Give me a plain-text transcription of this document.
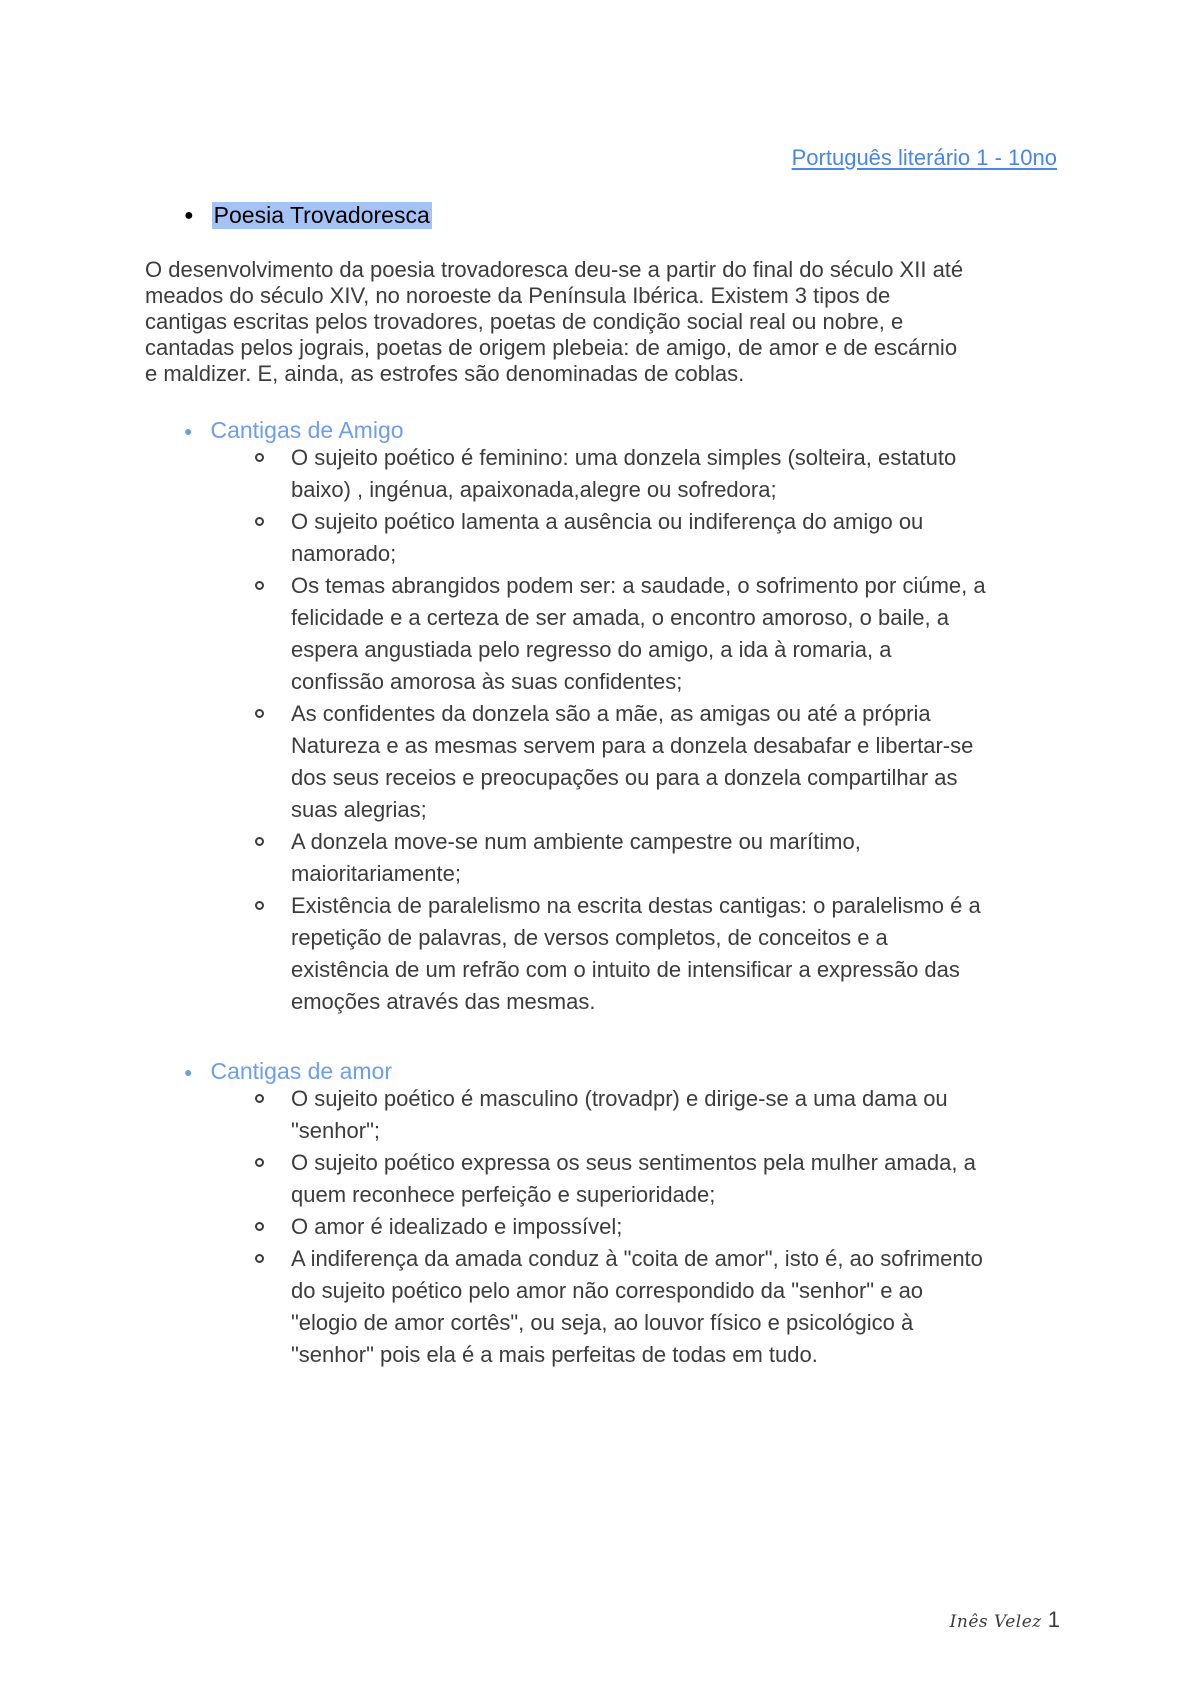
Português literário 1 - 10no
● Poesia Trovadoresca

O desenvolvimento da poesia trovadoresca deu-se a partir do final do século XII até

meados do século XIV, no noroeste da Península Ibérica. Existem 3 tipos de

cantigas escritas pelos trovadores, poetas de condição social real ou nobre, e

cantadas pelos jograis, poetas de origem plebeia: de amigo, de amor e de escárnio

e maldizer. E, ainda, as estrofes são denominadas de coblas.

● Cantigas de Amigo
O sujeito poético é feminino: uma donzela simples (solteira, estatuto
baixo) , ingénua, apaixonada,alegre ou sofredora;
O sujeito poético lamenta a ausência ou indiferença do amigo ou
namorado;
Os temas abrangidos podem ser: a saudade, o sofrimento por ciúme, a
felicidade e a certeza de ser amada, o encontro amoroso, o baile, a
espera angustiada pelo regresso do amigo, a ida à romaria, a
confissão amorosa às suas confidentes;
As confidentes da donzela são a mãe, as amigas ou até a própria
Natureza e as mesmas servem para a donzela desabafar e libertar-se
dos seus receios e preocupações ou para a donzela compartilhar as
suas alegrias;
A donzela move-se num ambiente campestre ou marítimo,
maioritariamente;
Existência de paralelismo na escrita destas cantigas: o paralelismo é a
repetição de palavras, de versos completos, de conceitos e a
existência de um refrão com o intuito de intensificar a expressão das
emoções através das mesmas.
● Cantigas de amor
O sujeito poético é masculino (trovadpr) e dirige-se a uma dama ou
"senhor";
O sujeito poético expressa os seus sentimentos pela mulher amada, a
quem reconhece perfeição e superioridade;
O amor é idealizado e impossível;
A indiferença da amada conduz à "coita de amor", isto é, ao sofrimento
do sujeito poético pelo amor não correspondido da "senhor" e ao
"elogio de amor cortês", ou seja, ao louvor físico e psicológico à
"senhor" pois ela é a mais perfeitas de todas em tudo.
Inês Velez 1
